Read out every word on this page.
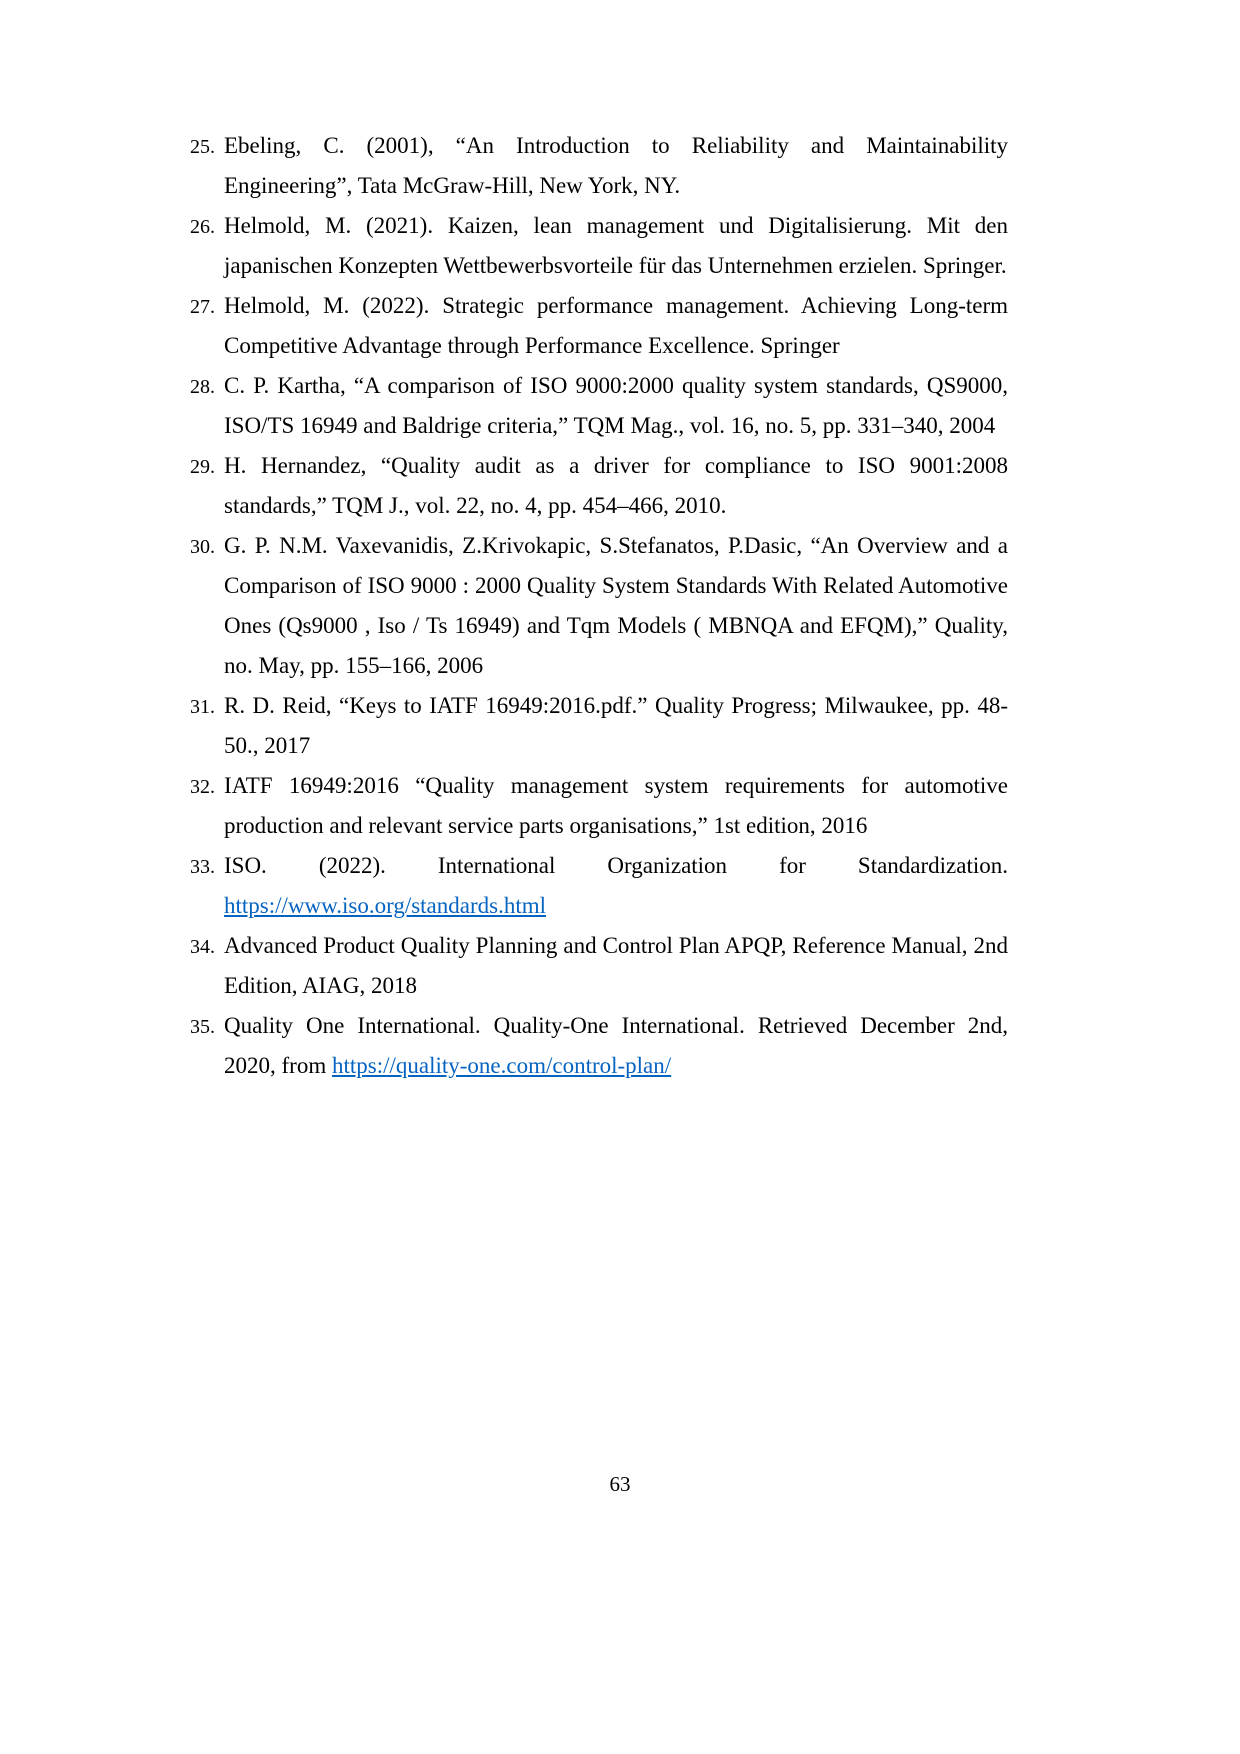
25. Ebeling, C. (2001), “An Introduction to Reliability and Maintainability Engineering”, Tata McGraw-Hill, New York, NY.
26. Helmold, M. (2021). Kaizen, lean management und Digitalisierung. Mit den japanischen Konzepten Wettbewerbsvorteile für das Unternehmen erzielen. Springer.
27. Helmold, M. (2022). Strategic performance management. Achieving Long-term Competitive Advantage through Performance Excellence. Springer
28. C. P. Kartha, “A comparison of ISO 9000:2000 quality system standards, QS9000, ISO/TS 16949 and Baldrige criteria,” TQM Mag., vol. 16, no. 5, pp. 331–340, 2004
29. H. Hernandez, “Quality audit as a driver for compliance to ISO 9001:2008 standards,” TQM J., vol. 22, no. 4, pp. 454–466, 2010.
30. G. P. N.M. Vaxevanidis, Z.Krivokapic, S.Stefanatos, P.Dasic, “An Overview and a Comparison of ISO 9000 : 2000 Quality System Standards With Related Automotive Ones (Qs9000 , Iso / Ts 16949) and Tqm Models ( MBNQA and EFQM),” Quality, no. May, pp. 155–166, 2006
31. R. D. Reid, “Keys to IATF 16949:2016.pdf.” Quality Progress; Milwaukee, pp. 48-50., 2017
32. IATF 16949:2016 “Quality management system requirements for automotive production and relevant service parts organisations,” 1st edition, 2016
33. ISO. (2022). International Organization for Standardization.
https://www.iso.org/standards.html
34. Advanced Product Quality Planning and Control Plan APQP, Reference Manual, 2nd Edition, AIAG, 2018
35. Quality One International. Quality-One International. Retrieved December 2nd, 2020, from https://quality-one.com/control-plan/
63
